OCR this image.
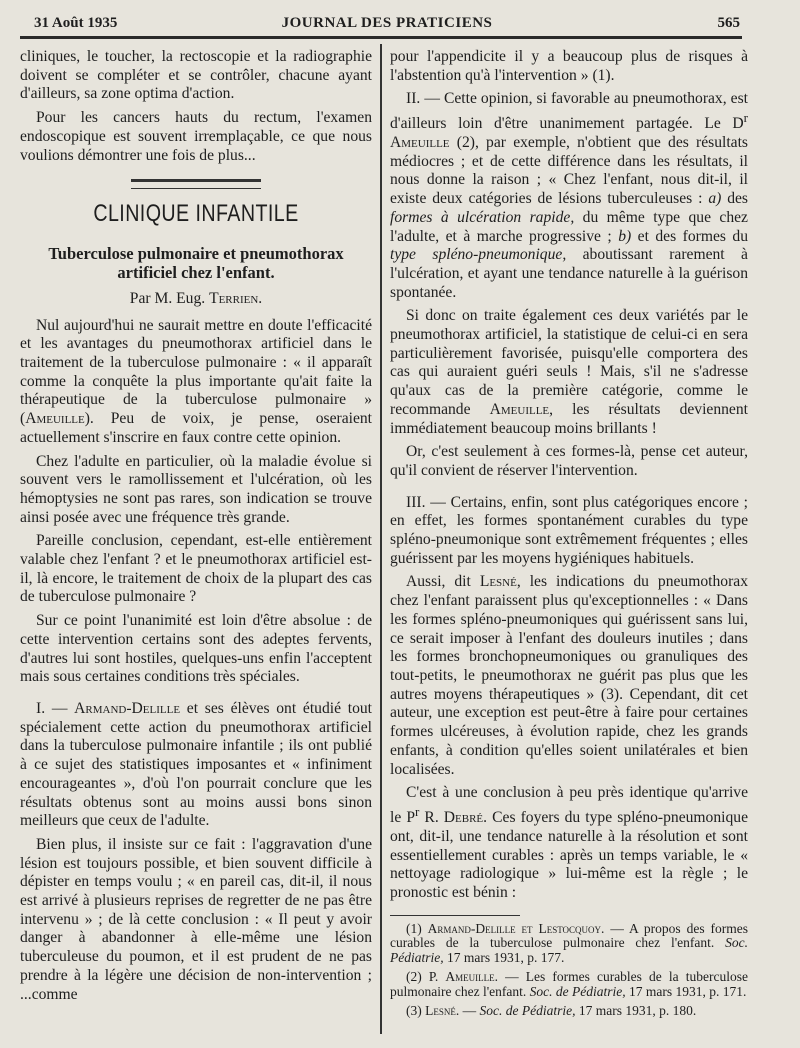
31 Août 1935	JOURNAL DES PRATICIENS	565

cliniques, le toucher, la rectoscopie et la radiographie doivent se compléter et se contrôler, chacune ayant d'ailleurs, sa zone optima d'action.

Pour les cancers hauts du rectum, l'examen endoscopique est souvent irremplaçable, ce que nous voulions démontrer une fois de plus...

CLINIQUE INFANTILE
Tuberculose pulmonaire et pneumothorax artificiel chez l'enfant.
Par M. Eug. Terrien.

Nul aujourd'hui ne saurait mettre en doute l'efficacité et les avantages du pneumothorax artificiel dans le traitement de la tuberculose pulmonaire : « il apparaît comme la conquête la plus importante qu'ait faite la thérapeutique de la tuberculose pulmonaire » (Ameuille). Peu de voix, je pense, oseraient actuellement s'inscrire en faux contre cette opinion.

Chez l'adulte en particulier, où la maladie évolue si souvent vers le ramollissement et l'ulcération, où les hémoptysies ne sont pas rares, son indication se trouve ainsi posée avec une fréquence très grande.

Pareille conclusion, cependant, est-elle entièrement valable chez l'enfant ? et le pneumothorax artificiel est-il, là encore, le traitement de choix de la plupart des cas de tuberculose pulmonaire ?

Sur ce point l'unanimité est loin d'être absolue : de cette intervention certains sont des adeptes fervents, d'autres lui sont hostiles, quelques-uns enfin l'acceptent mais sous certaines conditions très spéciales.

I. — Armand-Delille et ses élèves ont étudié tout spécialement cette action du pneumothorax artificiel dans la tuberculose pulmonaire infantile ; ils ont publié à ce sujet des statistiques imposantes et « infiniment encourageantes », d'où l'on pourrait conclure que les résultats obtenus sont au moins aussi bons sinon meilleurs que ceux de l'adulte.

Bien plus, il insiste sur ce fait : l'aggravation d'une lésion est toujours possible, et bien souvent difficile à dépister en temps voulu ; « en pareil cas, dit-il, il nous est arrivé à plusieurs reprises de regretter de ne pas être intervenu » ; de là cette conclusion : « Il peut y avoir danger à abandonner à elle-même une lésion tuberculeuse du poumon, et il est prudent de ne pas prendre à la légère une décision de non-intervention ; ...comme

pour l'appendicite il y a beaucoup plus de risques à l'abstention qu'à l'intervention » (1).

II. — Cette opinion, si favorable au pneumothorax, est d'ailleurs loin d'être unanimement partagée. Le $D^r$ Ameuille (2), par exemple, n'obtient que des résultats médiocres ; et de cette différence dans les résultats, il nous donne la raison ; « Chez l'enfant, nous dit-il, il existe deux catégories de lésions tuberculeuses : a) des formes à ulcération rapide, du même type que chez l'adulte, et à marche progressive ; b) et des formes du type spléno-pneumonique, aboutissant rarement à l'ulcération, et ayant une tendance naturelle à la guérison spontanée.

Si donc on traite également ces deux variétés par le pneumothorax artificiel, la statistique de celui-ci en sera particulièrement favorisée, puisqu'elle comportera des cas qui auraient guéri seuls ! Mais, s'il ne s'adresse qu'aux cas de la première catégorie, comme le recommande Ameuille, les résultats deviennent immédiatement beaucoup moins brillants !

Or, c'est seulement à ces formes-là, pense cet auteur, qu'il convient de réserver l'intervention.

III. — Certains, enfin, sont plus catégoriques encore ; en effet, les formes spontanément curables du type spléno-pneumonique sont extrêmement fréquentes ; elles guérissent par les moyens hygiéniques habituels.

Aussi, dit Lesné, les indications du pneumothorax chez l'enfant paraissent plus qu'exceptionnelles : « Dans les formes spléno-pneumoniques qui guérissent sans lui, ce serait imposer à l'enfant des douleurs inutiles ; dans les formes bronchopneumoniques ou granuliques des tout-petits, le pneumothorax ne guérit pas plus que les autres moyens thérapeutiques » (3). Cependant, dit cet auteur, une exception est peut-être à faire pour certaines formes ulcéreuses, à évolution rapide, chez les grands enfants, à condition qu'elles soient unilatérales et bien localisées.

C'est à une conclusion à peu près identique qu'arrive le $P^r$ R. Debré. Ces foyers du type spléno-pneumonique ont, dit-il, une tendance naturelle à la résolution et sont essentiellement curables : après un temps variable, le « nettoyage radiologique » lui-même est la règle ; le pronostic est bénin :

(1) Armand-Delille et Lestocquoy. — A propos des formes curables de la tuberculose pulmonaire chez l'enfant. Soc. Pédiatrie, 17 mars 1931, p. 177.

(2) P. Ameuille. — Les formes curables de la tuberculose pulmonaire chez l'enfant. Soc. de Pédiatrie, 17 mars 1931, p. 171.

(3) Lesné. — Soc. de Pédiatrie, 17 mars 1931, p. 180.
